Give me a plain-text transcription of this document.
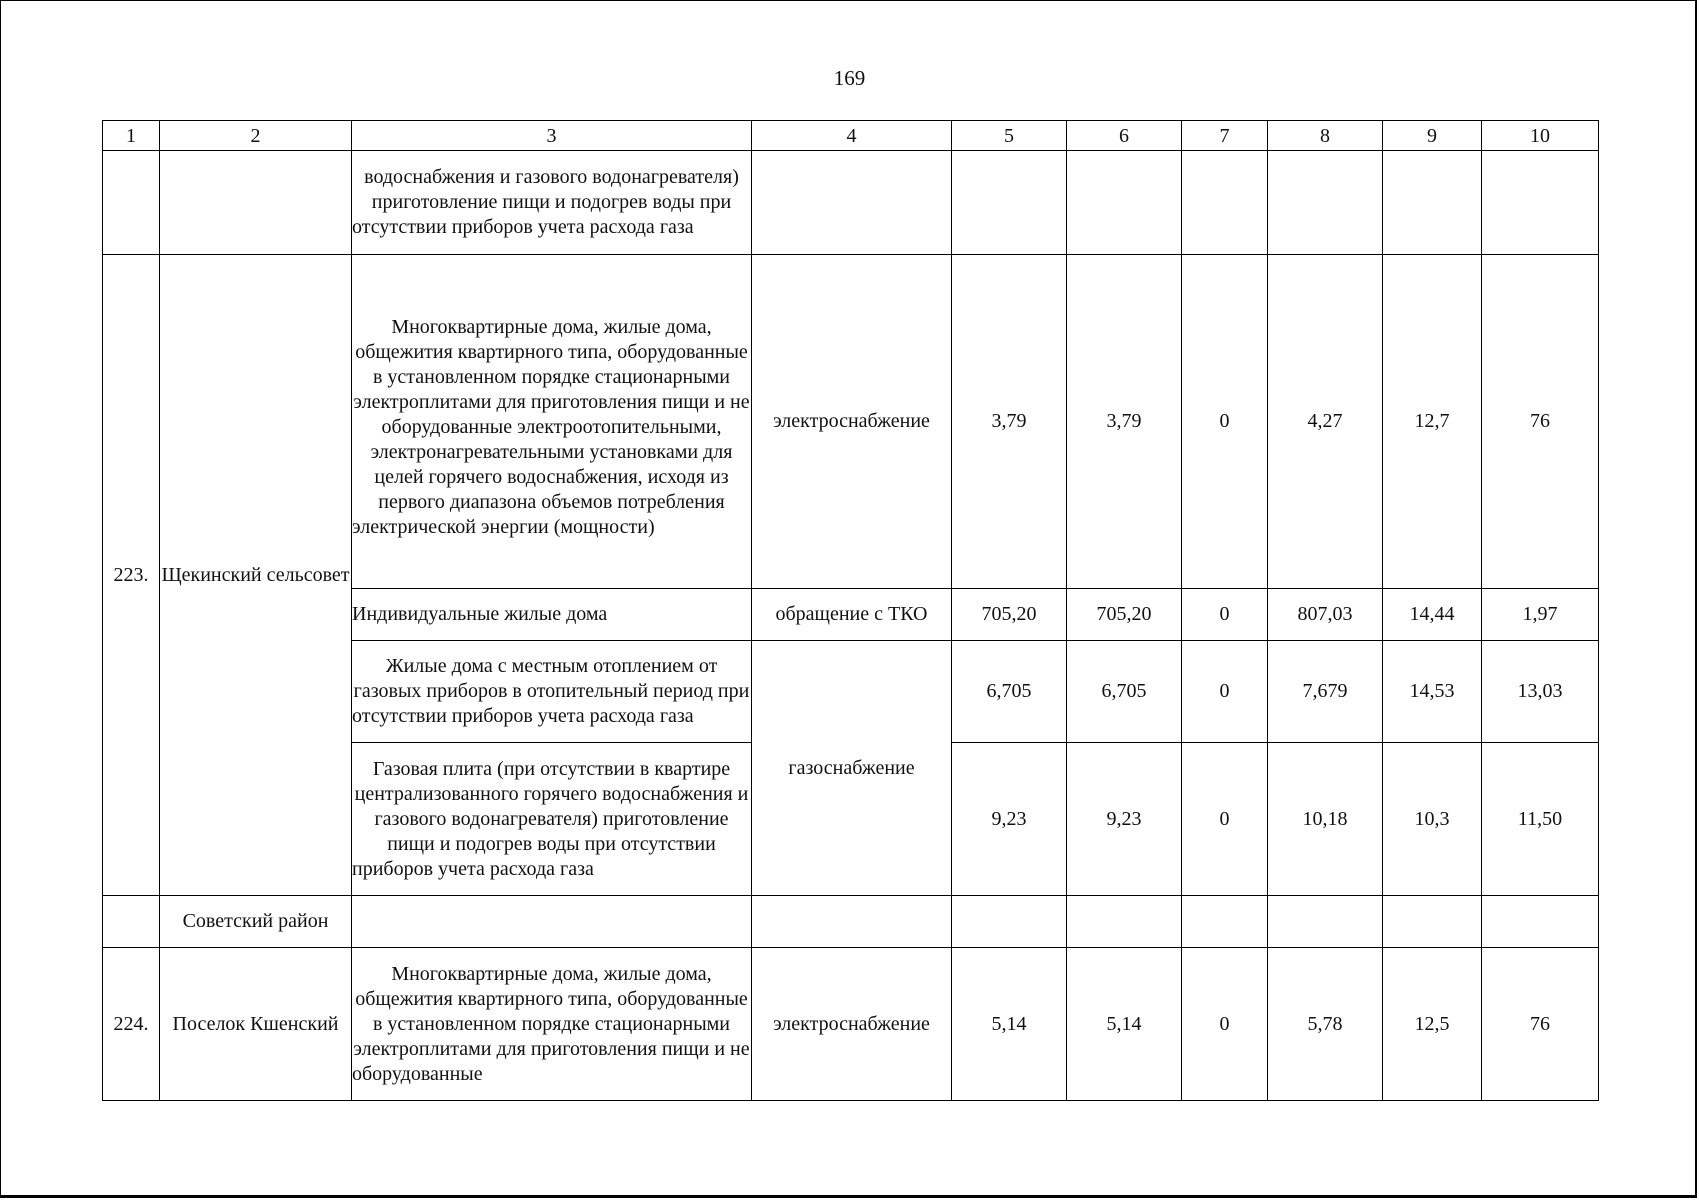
169
1	2	3	4	5	6	7	8	9	10
		водоснабжения и газового водонагревателя) приготовление пищи и подогрев воды при отсутствии приборов учета расхода газа							
223.	Щекинский сельсовет	Многоквартирные дома, жилые дома, общежития квартирного типа, оборудованные в установленном порядке стационарными электроплитами для приготовления пищи и не оборудованные электроотопительными, электронагревательными установками для целей горячего водоснабжения, исходя из первого диапазона объемов потребления электрической энергии (мощности)	электроснабжение	3,79	3,79	0	4,27	12,7	76
		Индивидуальные жилые дома	обращение с ТКО	705,20	705,20	0	807,03	14,44	1,97
		Жилые дома с местным отоплением от газовых приборов в отопительный период при отсутствии приборов учета расхода газа	газоснабжение	6,705	6,705	0	7,679	14,53	13,03
		Газовая плита (при отсутствии в квартире централизованного горячего водоснабжения и газового водонагревателя) приготовление пищи и подогрев воды при отсутствии приборов учета расхода газа		9,23	9,23	0	10,18	10,3	11,50
	Советский район								
224.	Поселок Кшенский	Многоквартирные дома, жилые дома, общежития квартирного типа, оборудованные в установленном порядке стационарными электроплитами для приготовления пищи и не оборудованные	электроснабжение	5,14	5,14	0	5,78	12,5	76
